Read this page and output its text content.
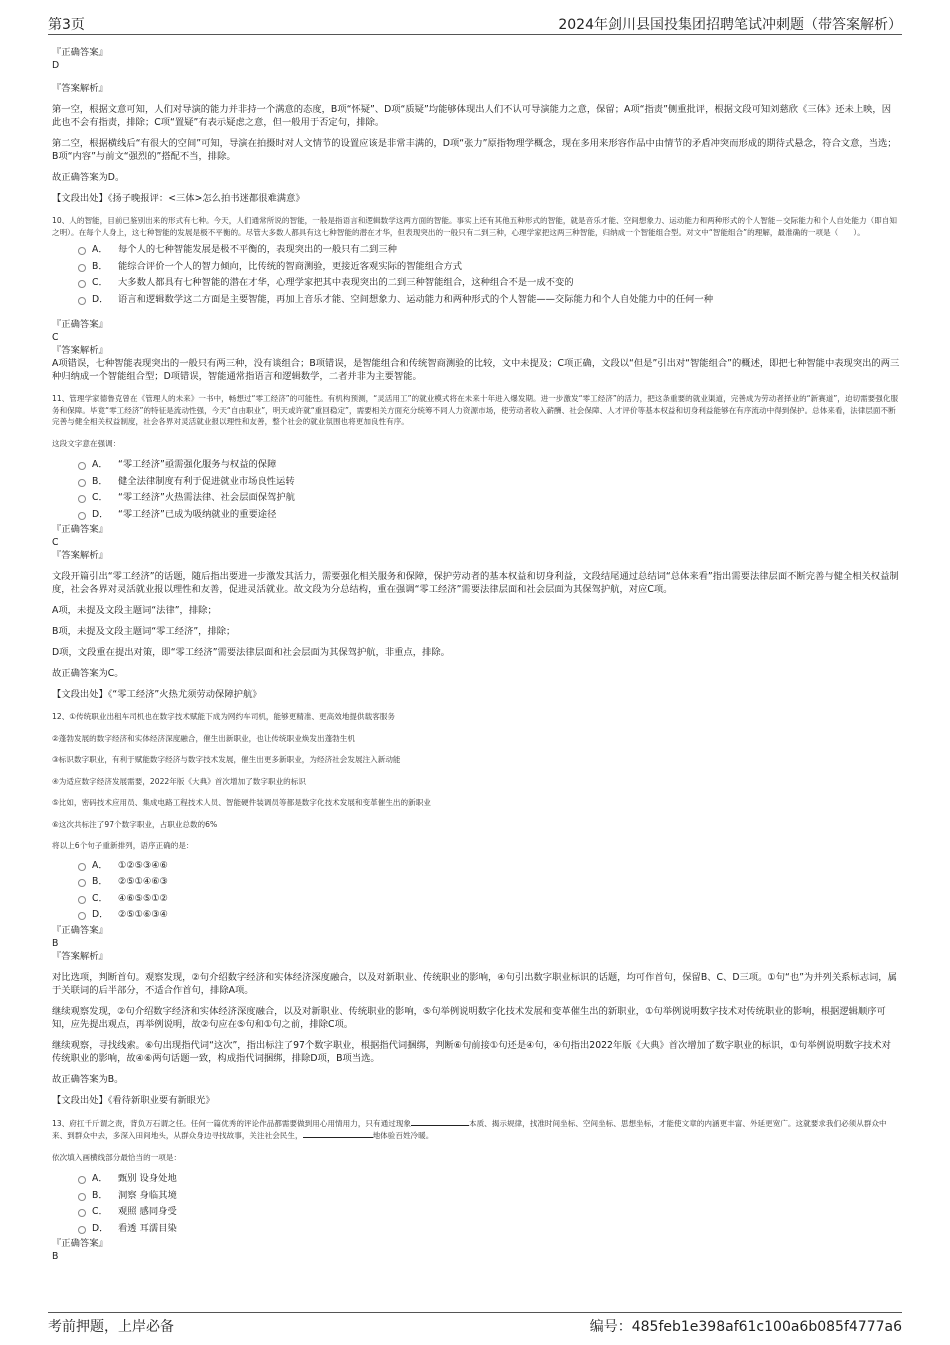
第3页	2024年剑川县国投集团招聘笔试冲刺题（带答案解析）

『正确答案』

D

『答案解析』

第一空，根据文意可知，人们对导演的能力并非持一个满意的态度，B项“怀疑”、D项“质疑”均能够体现出人们不认可导演能力之意，保留；A项“指责”侧重批评，根据文段可知刘慈欣《三体》还未上映，因此也不会有指责，排除；C项“置疑”有表示疑虑之意，但一般用于否定句，排除。

第二空，根据横线后“有很大的空间”可知，导演在拍摄时对人文情节的设置应该是非常丰满的，D项“张力”原指物理学概念，现在多用来形容作品中由情节的矛盾冲突而形成的期待式悬念，符合文意，当选；B项“内容”与前文“强烈的”搭配不当，排除。

故正确答案为D。

【文段出处】《扬子晚报评：<三体>怎么拍书迷都很难满意》

10、人的智能，目前已鉴别出来的形式有七种。今天，人们通常所说的智能，一般是指语言和逻辑数学这两方面的智能。事实上还有其他五种形式的智能，就是音乐才能、空间想象力、运动能力和两种形式的个人智能－交际能力和个人自处能力（即自知之明）。在每个人身上，这七种智能的发展是极不平衡的。尽管大多数人都具有这七种智能的潜在才华，但表现突出的一般只有二到三种，心理学家把这两三种智能，归纳成一个智能组合型。对文中“智能组合”的理解，最准确的一项是（　　）。

A． 每个人的七种智能发展是极不平衡的，表现突出的一般只有二到三种
B． 能综合评价一个人的智力倾向，比传统的智商测验，更接近客观实际的智能组合方式
C． 大多数人都具有七种智能的潜在才华，心理学家把其中表现突出的二到三种智能组合，这种组合不是一成不变的
D． 语言和逻辑数学这二方面是主要智能，再加上音乐才能、空间想象力、运动能力和两种形式的个人智能——交际能力和个人自处能力中的任何一种

『正确答案』

C

『答案解析』

A项错误，七种智能表现突出的一般只有两三种，没有谈组合；B项错误，是智能组合和传统智商测验的比较，文中未提及；C项正确，文段以“但是”引出对“智能组合”的概述，即把七种智能中表现突出的两三种归纳成一个智能组合型；D项错误，智能通常指语言和逻辑数学，二者并非为主要智能。

11、管理学家德鲁克曾在《管理人的未来》一书中，畅想过“零工经济”的可能性。有机构预测，“灵活用工”的就业模式将在未来十年进入爆发期。进一步激发“零工经济”的活力，把这条重要的就业渠道，完善成为劳动者择业的“新赛道”，迫切需要强化服务和保障。毕竟“零工经济”的特征是流动性强，今天“自由职业”，明天或许就“重回稳定”，需要相关方面充分统筹不同人力资源市场，使劳动者收入薪酬、社会保障、人才评价等基本权益和切身利益能够在有序流动中得到保护。总体来看，法律层面不断完善与健全相关权益制度，社会各界对灵活就业报以理性和友善，整个社会的就业氛围也将更加良性有序。

这段文字意在强调：

A． “零工经济”亟需强化服务与权益的保障
B． 健全法律制度有利于促进就业市场良性运转
C． “零工经济”火热需法律、社会层面保驾护航
D． “零工经济”已成为吸纳就业的重要途径

『正确答案』

C

『答案解析』

文段开篇引出“零工经济”的话题，随后指出要进一步激发其活力，需要强化相关服务和保障，保护劳动者的基本权益和切身利益，文段结尾通过总结词“总体来看”指出需要法律层面不断完善与健全相关权益制度，社会各界对灵活就业报以理性和友善，促进灵活就业。故文段为分总结构，重在强调“零工经济”需要法律层面和社会层面为其保驾护航，对应C项。

A项，未提及文段主题词“法律”，排除；

B项，未提及文段主题词“零工经济”，排除；

D项，文段重在提出对策，即“零工经济”需要法律层面和社会层面为其保驾护航，非重点，排除。

故正确答案为C。

【文段出处】《“零工经济”火热尤须劳动保障护航》

12、①传统职业出租车司机也在数字技术赋能下成为网约车司机，能够更精准、更高效地提供载客服务

②蓬勃发展的数字经济和实体经济深度融合，催生出新职业，也让传统职业焕发出蓬勃生机

③标识数字职业，有利于赋能数字经济与数字技术发展，催生出更多新职业，为经济社会发展注入新动能

④为适应数字经济发展需要，2022年版《大典》首次增加了数字职业的标识

⑤比如，密码技术应用员、集成电路工程技术人员、智能硬件装调员等都是数字化技术发展和变革催生出的新职业

⑥这次共标注了97个数字职业，占职业总数的6%

将以上6个句子重新排列，语序正确的是：

A． ①②⑤③④⑥
B． ②⑤①④⑥③
C． ④⑥⑤⑤①②
D． ②⑤①⑥③④

『正确答案』

B

『答案解析』

对比选项，判断首句。观察发现，②句介绍数字经济和实体经济深度融合，以及对新职业、传统职业的影响，④句引出数字职业标识的话题，均可作首句，保留B、C、D三项。①句“也”为并列关系标志词，属于关联词的后半部分，不适合作首句，排除A项。

继续观察发现，②句介绍数字经济和实体经济深度融合，以及对新职业、传统职业的影响，⑤句举例说明数字化技术发展和变革催生出的新职业，①句举例说明数字技术对传统职业的影响，根据逻辑顺序可知，应先提出观点，再举例说明，故②句应在⑤句和①句之前，排除C项。

继续观察，寻找线索。⑥句出现指代词“这次”，指出标注了97个数字职业，根据指代词捆绑，判断⑥句前接①句还是④句，④句指出2022年版《大典》首次增加了数字职业的标识，①句举例说明数字技术对传统职业的影响，故④⑥两句话题一致，构成指代词捆绑，排除D项，B项当选。

故正确答案为B。

【文段出处】《看待新职业要有新眼光》

13、府扛千斤谓之责，背负万石谓之任。任何一篇优秀的评论作品都需要做到用心用情用力，只有通过现象	本质、揭示规律，找准时间坐标、空间坐标、思想坐标，才能使文章的内涵更丰富、外延更宽广。这就要求我们必须从群众中来、到群众中去，多深入田间地头，从群众身边寻找故事，关注社会民生，	地体验百姓冷暖。

依次填入画横线部分最恰当的一项是：

A． 甄别 设身处地
B． 洞察 身临其境
C． 观照 感同身受
D． 看透 耳濡目染

『正确答案』

B

考前押题，上岸必备	编号：485feb1e398af61c100a6b085f4777a6
